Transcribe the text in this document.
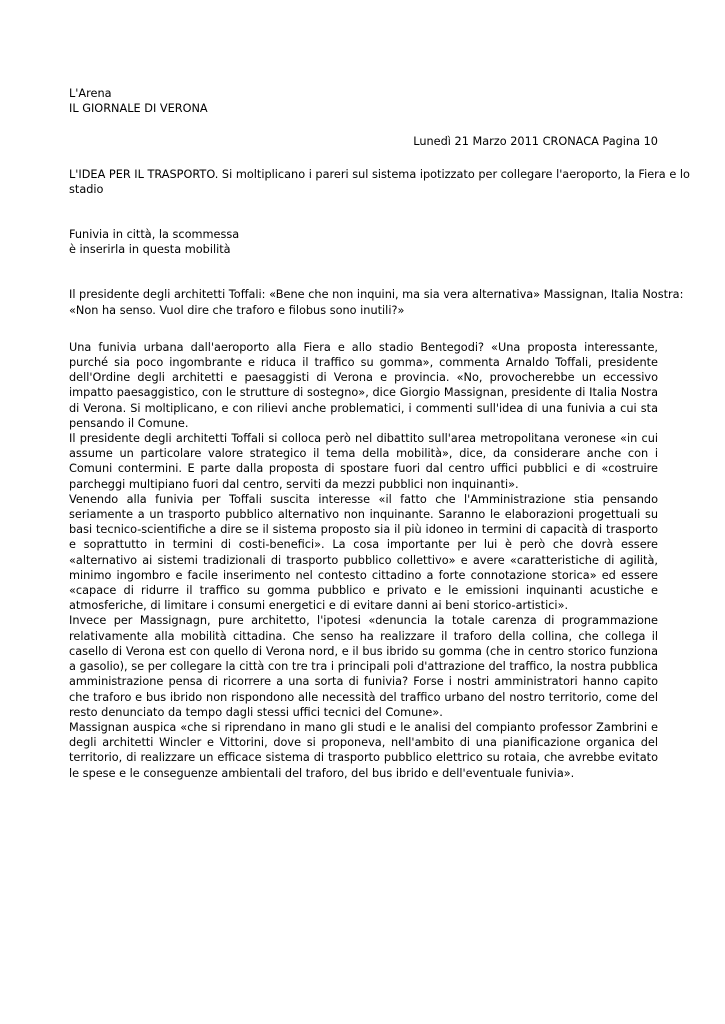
L'Arena
IL GIORNALE DI VERONA
Lunedì 21 Marzo 2011 CRONACA Pagina 10
L'IDEA PER IL TRASPORTO. Si moltiplicano i pareri sul sistema ipotizzato per collegare l'aeroporto, la Fiera e lo
stadio
Funivia in città, la scommessa
è inserirla in questa mobilità
Il presidente degli architetti Toffali: «Bene che non inquini, ma sia vera alternativa» Massignan, Italia Nostra:
«Non ha senso. Vuol dire che traforo e filobus sono inutili?»

Una funivia urbana dall'aeroporto alla Fiera e allo stadio Bentegodi? «Una proposta interessante, purché sia poco ingombrante e riduca il traffico su gomma», commenta Arnaldo Toffali, presidente dell'Ordine degli architetti e paesaggisti di Verona e provincia. «No, provocherebbe un eccessivo impatto paesaggistico, con le strutture di sostegno», dice Giorgio Massignan, presidente di Italia Nostra di Verona. Si moltiplicano, e con rilievi anche problematici, i commenti sull'idea di una funivia a cui sta pensando il Comune.

Il presidente degli architetti Toffali si colloca però nel dibattito sull'area metropolitana veronese «in cui assume un particolare valore strategico il tema della mobilità», dice, da considerare anche con i Comuni contermini. E parte dalla proposta di spostare fuori dal centro uffici pubblici e di «costruire parcheggi multipiano fuori dal centro, serviti da mezzi pubblici non inquinanti».

Venendo alla funivia per Toffali suscita interesse «il fatto che l'Amministrazione stia pensando seriamente a un trasporto pubblico alternativo non inquinante. Saranno le elaborazioni progettuali su basi tecnico-scientifiche a dire se il sistema proposto sia il più idoneo in termini di capacità di trasporto e soprattutto in termini di costi-benefici». La cosa importante per lui è però che dovrà essere «alternativo ai sistemi tradizionali di trasporto pubblico collettivo» e avere «caratteristiche di agilità, minimo ingombro e facile inserimento nel contesto cittadino a forte connotazione storica» ed essere «capace di ridurre il traffico su gomma pubblico e privato e le emissioni inquinanti acustiche e atmosferiche, di limitare i consumi energetici e di evitare danni ai beni storico-artistici».

Invece per Massignagn, pure architetto, l'ipotesi «denuncia la totale carenza di programmazione relativamente alla mobilità cittadina. Che senso ha realizzare il traforo della collina, che collega il casello di Verona est con quello di Verona nord, e il bus ibrido su gomma (che in centro storico funziona a gasolio), se per collegare la città con tre tra i principali poli d'attrazione del traffico, la nostra pubblica amministrazione pensa di ricorrere a una sorta di funivia? Forse i nostri amministratori hanno capito che traforo e bus ibrido non rispondono alle necessità del traffico urbano del nostro territorio, come del resto denunciato da tempo dagli stessi uffici tecnici del Comune».

Massignan auspica «che si riprendano in mano gli studi e le analisi del compianto professor Zambrini e degli architetti Wincler e Vittorini, dove si proponeva, nell'ambito di una pianificazione organica del territorio, di realizzare un efficace sistema di trasporto pubblico elettrico su rotaia, che avrebbe evitato le spese e le conseguenze ambientali del traforo, del bus ibrido e dell'eventuale funivia».
